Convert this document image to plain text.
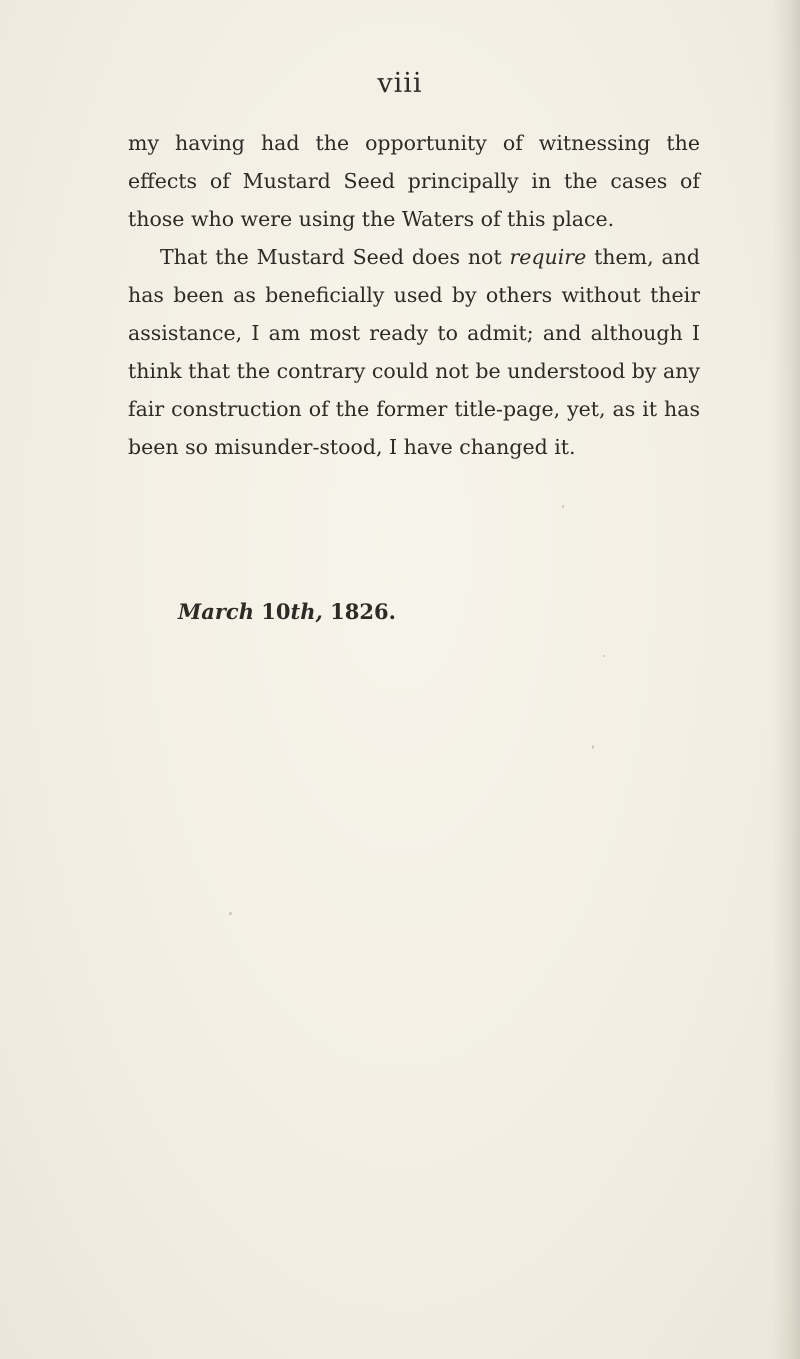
viii

my having had the opportunity of witnessing the effects of Mustard Seed principally in the cases of those who were using the Waters of this place.

That the Mustard Seed does not require them, and has been as beneficially used by others without their assistance, I am most ready to admit; and although I think that the contrary could not be understood by any fair construction of the former title-page, yet, as it has been so misunder-stood, I have changed it.

March 10th, 1826.
